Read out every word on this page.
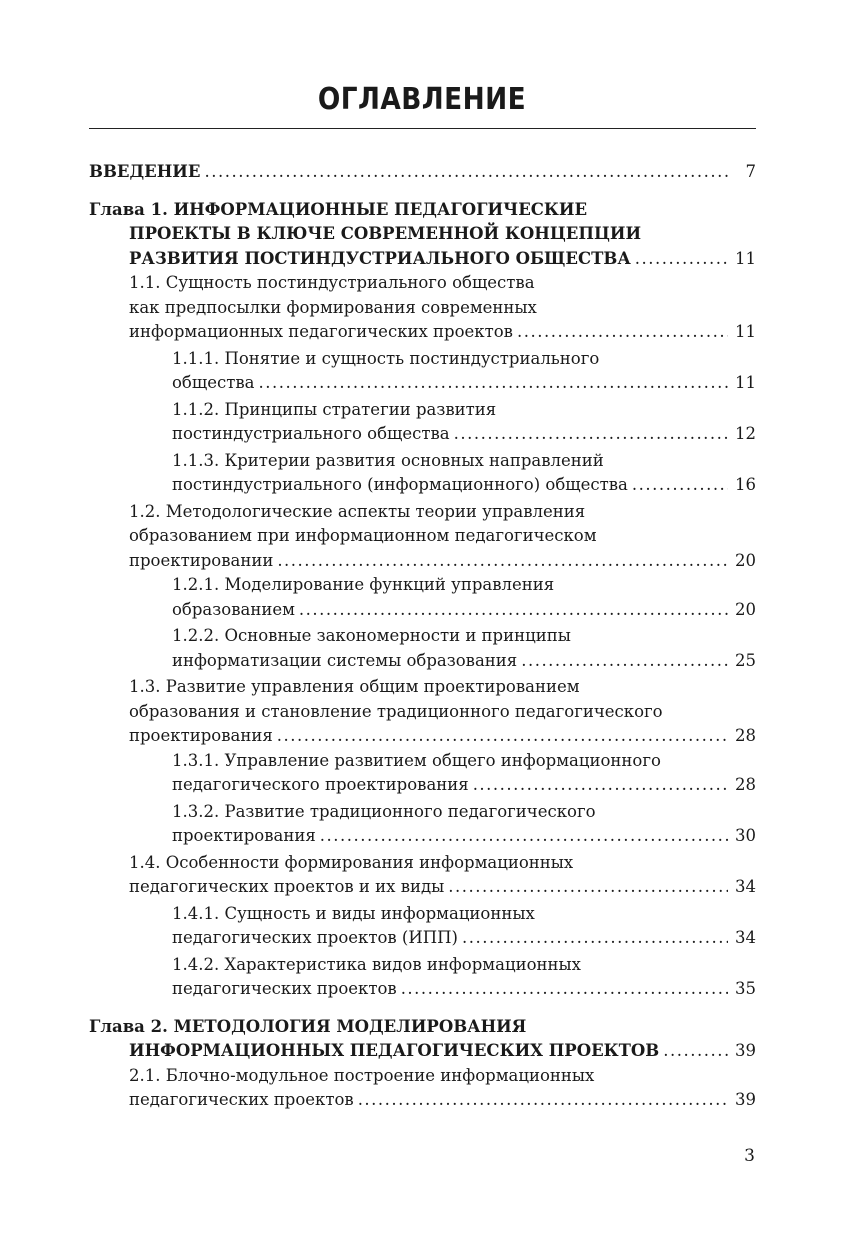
ОГЛАВЛЕНИЕ
ВВЕДЕНИЕ .....	7
Глава 1. ИНФОРМАЦИОННЫЕ ПЕДАГОГИЧЕСКИЕ
ПРОЕКТЫ В КЛЮЧЕ СОВРЕМЕННОЙ КОНЦЕПЦИИ
РАЗВИТИЯ ПОСТИНДУСТРИАЛЬНОГО ОБЩЕСТВА .....	11
1.1. Сущность постиндустриального общества
как предпосылки формирования современных
информационных педагогических проектов .....	11
1.1.1. Понятие и сущность постиндустриального
общества .....	11
1.1.2. Принципы стратегии развития
постиндустриального общества .....	12
1.1.3. Критерии развития основных направлений
постиндустриального (информационного) общества .....	16
1.2. Методологические аспекты теории управления
образованием при информационном педагогическом
проектировании .....	20
1.2.1. Моделирование функций управления
образованием .....	20
1.2.2. Основные закономерности и принципы
информатизации системы образования .....	25
1.3. Развитие управления общим проектированием
образования и становление традиционного педагогического
проектирования .....	28
1.3.1. Управление развитием общего информационного
педагогического проектирования .....	28
1.3.2. Развитие традиционного педагогического
проектирования .....	30
1.4. Особенности формирования информационных
педагогических проектов и их виды .....	34
1.4.1. Сущность и виды информационных
педагогических проектов (ИПП) .....	34
1.4.2. Характеристика видов информационных
педагогических проектов .....	35
Глава 2. МЕТОДОЛОГИЯ МОДЕЛИРОВАНИЯ
ИНФОРМАЦИОННЫХ ПЕДАГОГИЧЕСКИХ ПРОЕКТОВ .....	39
2.1. Блочно-модульное построение информационных
педагогических проектов .....	39
3
